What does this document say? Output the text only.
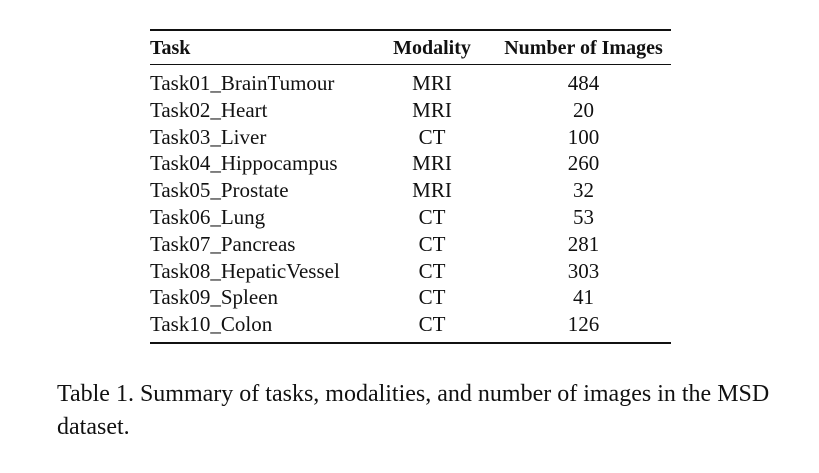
Task	Modality	Number of Images
Task01_BrainTumour	MRI	484
Task02_Heart	MRI	20
Task03_Liver	CT	100
Task04_Hippocampus	MRI	260
Task05_Prostate	MRI	32
Task06_Lung	CT	53
Task07_Pancreas	CT	281
Task08_HepaticVessel	CT	303
Task09_Spleen	CT	41
Task10_Colon	CT	126

Table 1. Summary of tasks, modalities, and number of images in the MSD dataset.
